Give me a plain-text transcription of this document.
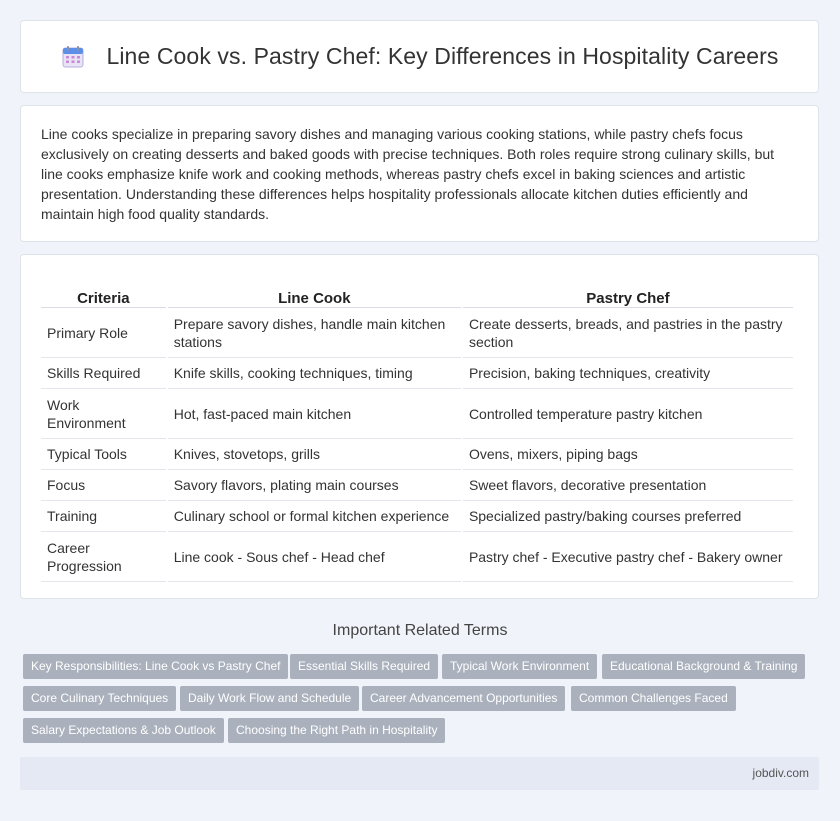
Line Cook vs. Pastry Chef: Key Differences in Hospitality Careers

Line cooks specialize in preparing savory dishes and managing various cooking stations, while pastry chefs focus exclusively on creating desserts and baked goods with precise techniques. Both roles require strong culinary skills, but line cooks emphasize knife work and cooking methods, whereas pastry chefs excel in baking sciences and artistic presentation. Understanding these differences helps hospitality professionals allocate kitchen duties efficiently and maintain high food quality standards.

Criteria	Line Cook	Pastry Chef
Primary Role	Prepare savory dishes, handle main kitchen stations	Create desserts, breads, and pastries in the pastry section
Skills Required	Knife skills, cooking techniques, timing	Precision, baking techniques, creativity
Work Environment	Hot, fast-paced main kitchen	Controlled temperature pastry kitchen
Typical Tools	Knives, stovetops, grills	Ovens, mixers, piping bags
Focus	Savory flavors, plating main courses	Sweet flavors, decorative presentation
Training	Culinary school or formal kitchen experience	Specialized pastry/baking courses preferred
Career Progression	Line cook - Sous chef - Head chef	Pastry chef - Executive pastry chef - Bakery owner
Important Related Terms
Key Responsibilities: Line Cook vs Pastry Chef	Essential Skills Required	Typical Work Environment	Educational Background & Training
Core Culinary Techniques	Daily Work Flow and Schedule	Career Advancement Opportunities	Common Challenges Faced
Salary Expectations & Job Outlook	Choosing the Right Path in Hospitality
jobdiv.com
